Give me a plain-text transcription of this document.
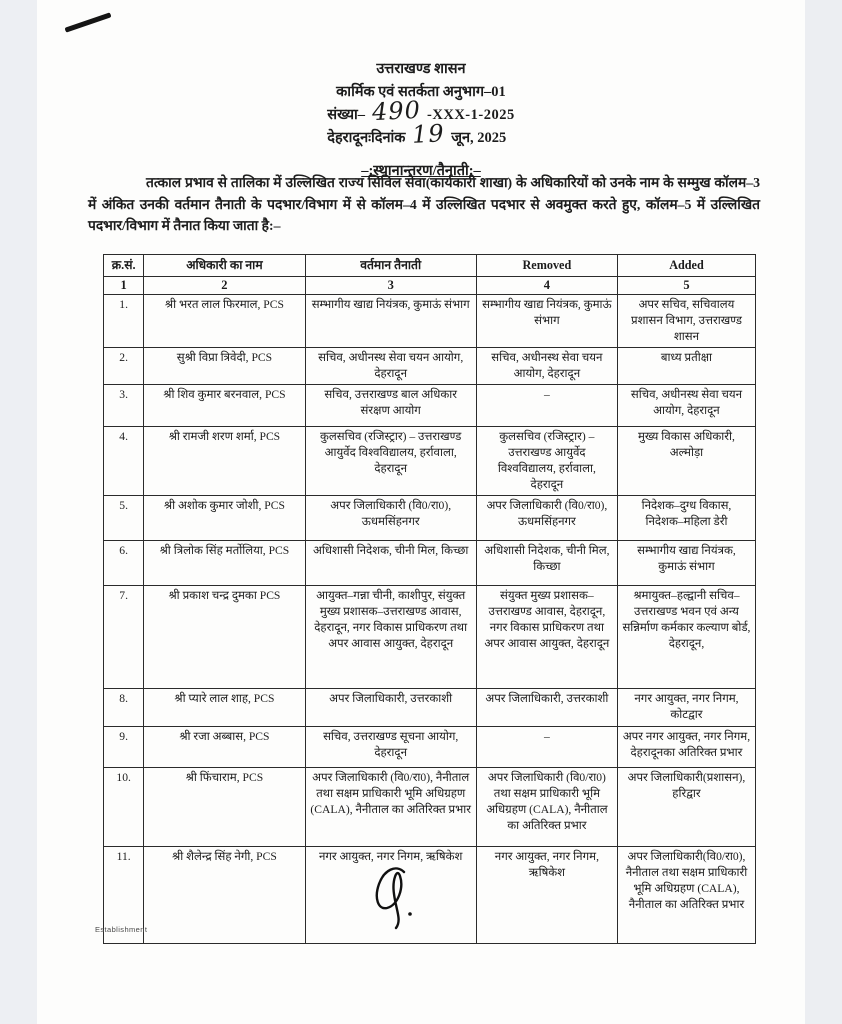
उत्तराखण्ड शासन
कार्मिक एवं सतर्कता अनुभाग–01
संख्या– 490 -XXX-1-2025
देहरादूनःदिनांक 19 जून, 2025
–:स्थानान्तरण/तैनाती:–
तत्काल प्रभाव से तालिका में उल्लिखित राज्य सिविल सेवा(कार्यकारी शाखा) के अधिकारियों को उनके नाम के सम्मुख कॉलम–3 में अंकित उनकी वर्तमान तैनाती के पदभार/विभाग में से कॉलम–4 में उल्लिखित पदभार से अवमुक्त करते हुए, कॉलम–5 में उल्लिखित पदभार/विभाग में तैनात किया जाता है:–
क्र.सं.	अधिकारी का नाम	वर्तमान तैनाती	Removed	Added
1	2	3	4	5
1.	श्री भरत लाल फिरमाल, PCS	सम्भागीय खाद्य नियंत्रक, कुमाऊं संभाग	सम्भागीय खाद्य नियंत्रक, कुमाऊं संभाग	अपर सचिव, सचिवालय प्रशासन विभाग, उत्तराखण्ड शासन
2.	सुश्री विप्रा त्रिवेदी, PCS	सचिव, अधीनस्थ सेवा चयन आयोग, देहरादून	सचिव, अधीनस्थ सेवा चयन आयोग, देहरादून	बाध्य प्रतीक्षा
3.	श्री शिव कुमार बरनवाल, PCS	सचिव, उत्तराखण्ड बाल अधिकार संरक्षण आयोग	–	सचिव, अधीनस्थ सेवा चयन आयोग, देहरादून
4.	श्री रामजी शरण शर्मा, PCS	कुलसचिव (रजिस्ट्रार) – उत्तराखण्ड आयुर्वेद विश्वविद्यालय, हर्रावाला, देहरादून	कुलसचिव (रजिस्ट्रार) – उत्तराखण्ड आयुर्वेद विश्वविद्यालय, हर्रावाला, देहरादून	मुख्य विकास अधिकारी, अल्मोड़ा
5.	श्री अशोक कुमार जोशी, PCS	अपर जिलाधिकारी (वि0/रा0), ऊधमसिंहनगर	अपर जिलाधिकारी (वि0/रा0), ऊधमसिंहनगर	निदेशक–दुग्ध विकास, निदेशक–महिला डेरी
6.	श्री त्रिलोक सिंह मर्तोलिया, PCS	अधिशासी निदेशक, चीनी मिल, किच्छा	अधिशासी निदेशक, चीनी मिल, किच्छा	सम्भागीय खाद्य नियंत्रक, कुमाऊं संभाग
7.	श्री प्रकाश चन्द्र दुमका PCS	आयुक्त–गन्ना चीनी, काशीपुर, संयुक्त मुख्य प्रशासक–उत्तराखण्ड आवास, देहरादून, नगर विकास प्राधिकरण तथा अपर आवास आयुक्त, देहरादून	संयुक्त मुख्य प्रशासक– उत्तराखण्ड आवास, देहरादून, नगर विकास प्राधिकरण तथा अपर आवास आयुक्त, देहरादून	श्रमायुक्त–हल्द्वानी सचिव–उत्तराखण्ड भवन एवं अन्य सन्निर्माण कर्मकार कल्याण बोर्ड, देहरादून,
8.	श्री प्यारे लाल शाह, PCS	अपर जिलाधिकारी, उत्तरकाशी	अपर जिलाधिकारी, उत्तरकाशी	नगर आयुक्त, नगर निगम, कोटद्वार
9.	श्री रजा अब्बास, PCS	सचिव, उत्तराखण्ड सूचना आयोग, देहरादून	–	अपर नगर आयुक्त, नगर निगम, देहरादूनका अतिरिक्त प्रभार
10.	श्री फिंचाराम, PCS	अपर जिलाधिकारी (वि0/रा0), नैनीताल तथा सक्षम प्राधिकारी भूमि अधिग्रहण (CALA), नैनीताल का अतिरिक्त प्रभार	अपर जिलाधिकारी (वि0/रा0) तथा सक्षम प्राधिकारी भूमि अधिग्रहण (CALA), नैनीताल का अतिरिक्त प्रभार	अपर जिलाधिकारी(प्रशासन), हरिद्वार
11.	श्री शैलेन्द्र सिंह नेगी, PCS	नगर आयुक्त, नगर निगम, ऋषिकेश	नगर आयुक्त, नगर निगम, ऋषिकेश	अपर जिलाधिकारी(वि0/रा0), नैनीताल तथा सक्षम प्राधिकारी भूमि अधिग्रहण (CALA), नैनीताल का अतिरिक्त प्रभार
Establishment
